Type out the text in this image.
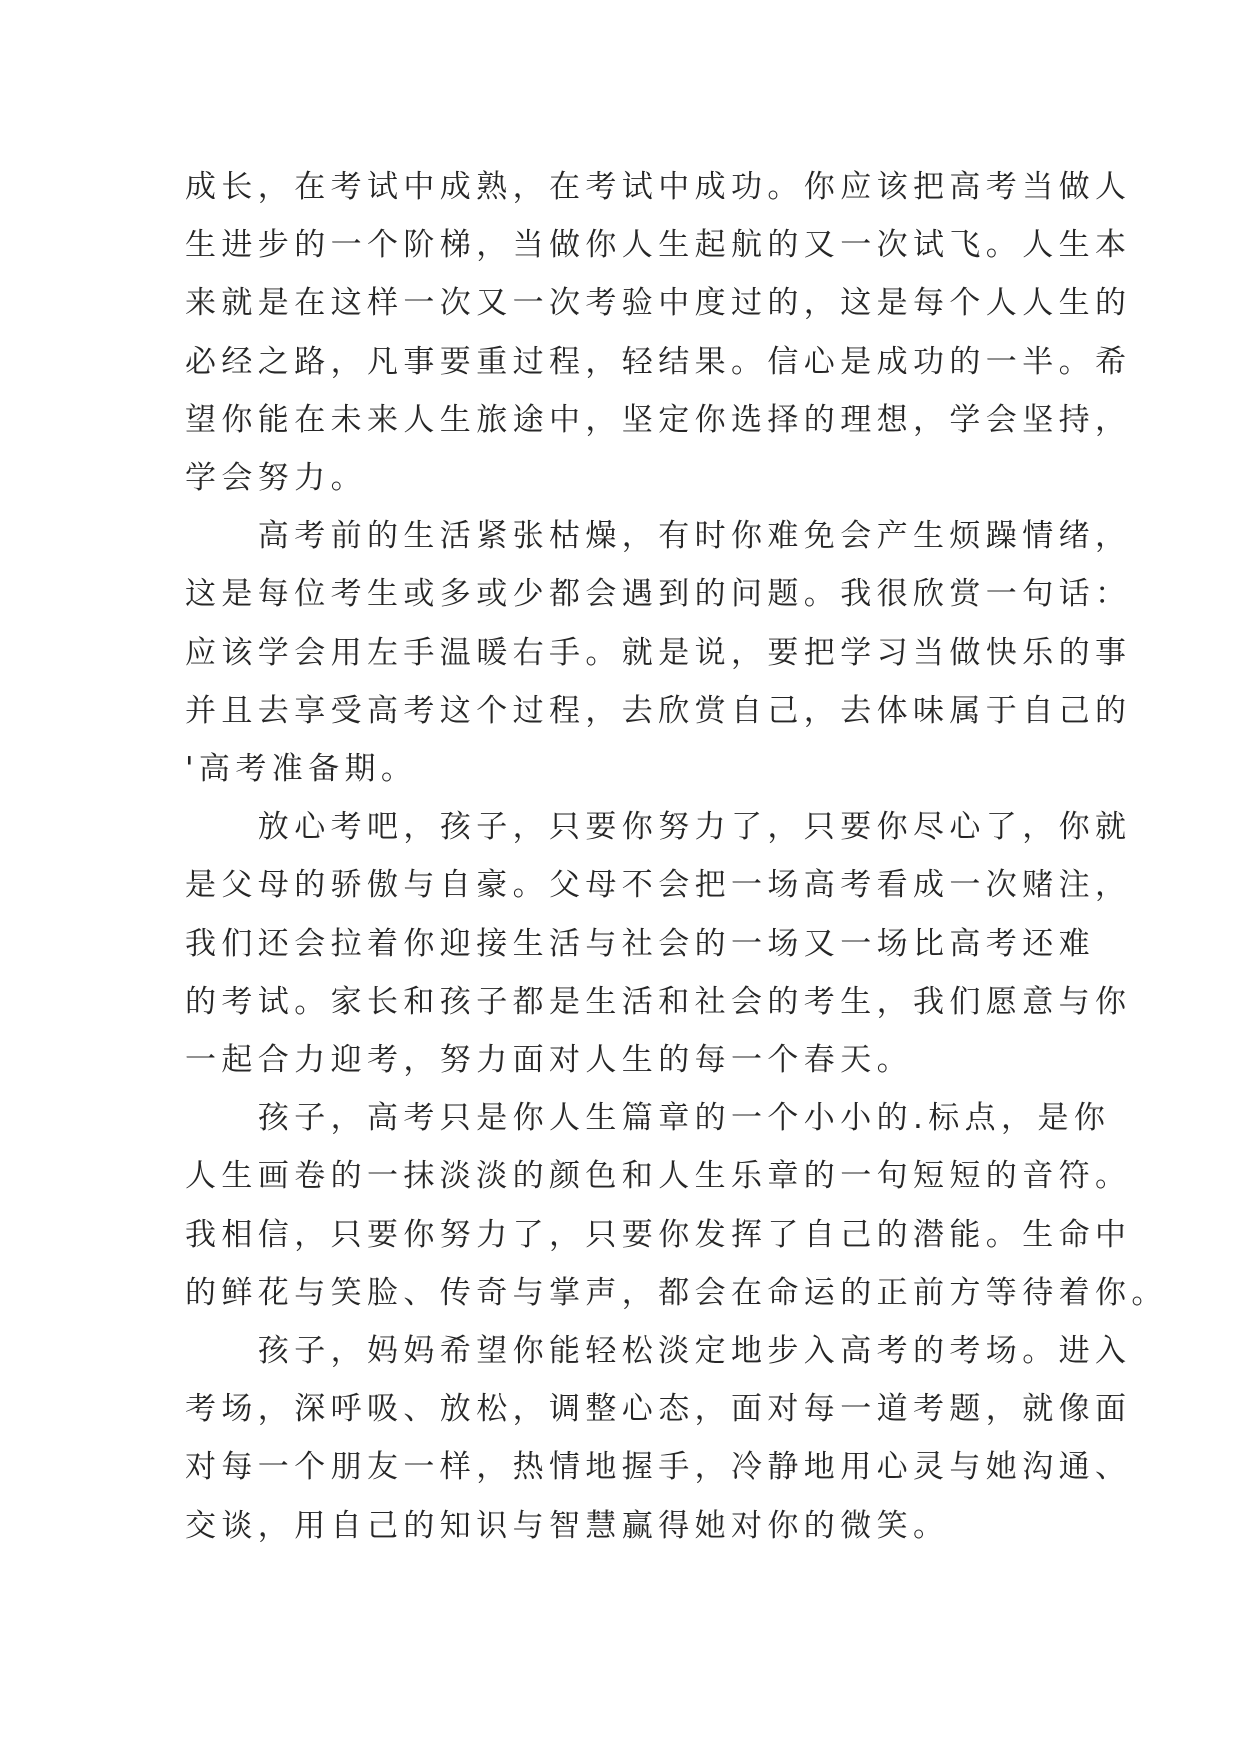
成长，在考试中成熟，在考试中成功。你应该把高考当做人
生进步的一个阶梯，当做你人生起航的又一次试飞。人生本
来就是在这样一次又一次考验中度过的，这是每个人人生的
必经之路，凡事要重过程，轻结果。信心是成功的一半。希
望你能在未来人生旅途中，坚定你选择的理想，学会坚持，
学会努力。
　　高考前的生活紧张枯燥，有时你难免会产生烦躁情绪，
这是每位考生或多或少都会遇到的问题。我很欣赏一句话：
应该学会用左手温暖右手。就是说，要把学习当做快乐的事
并且去享受高考这个过程，去欣赏自己，去体味属于自己的
'高考准备期。
　　放心考吧，孩子，只要你努力了，只要你尽心了，你就
是父母的骄傲与自豪。父母不会把一场高考看成一次赌注，
我们还会拉着你迎接生活与社会的一场又一场比高考还难
的考试。家长和孩子都是生活和社会的考生，我们愿意与你
一起合力迎考，努力面对人生的每一个春天。
　　孩子，高考只是你人生篇章的一个小小的.标点，是你
人生画卷的一抹淡淡的颜色和人生乐章的一句短短的音符。
我相信，只要你努力了，只要你发挥了自己的潜能。生命中
的鲜花与笑脸、传奇与掌声，都会在命运的正前方等待着你。
　　孩子，妈妈希望你能轻松淡定地步入高考的考场。进入
考场，深呼吸、放松，调整心态，面对每一道考题，就像面
对每一个朋友一样，热情地握手，冷静地用心灵与她沟通、
交谈，用自己的知识与智慧赢得她对你的微笑。
